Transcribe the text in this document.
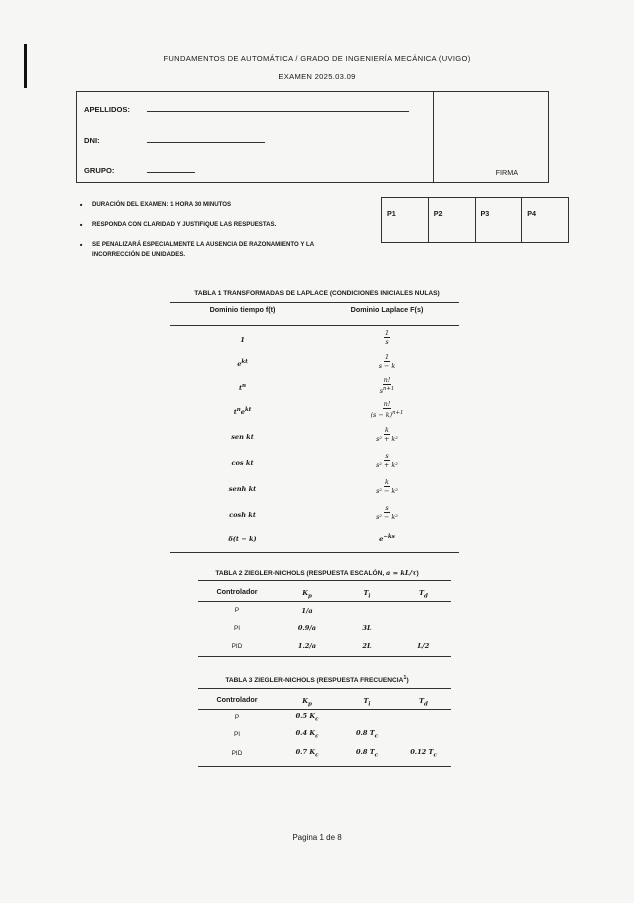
FUNDAMENTOS DE AUTOMÁTICA / GRADO DE INGENIERÍA MECÁNICA (UVIGO)
EXAMEN 2025.03.09
APELLIDOS:
DNI:
GRUPO:	FIRMA
P1	P2	P3	P4
■ DURACIÓN DEL EXAMEN: 1 HORA 30 MINUTOS
■ RESPONDA CON CLARIDAD Y JUSTIFIQUE LAS RESPUESTAS.
■ SE PENALIZARÁ ESPECIALMENTE LA AUSENCIA DE RAZONAMIENTO Y LA INCORRECCIÓN DE UNIDADES.
TABLA 1 TRANSFORMADAS DE LAPLACE (CONDICIONES INICIALES NULAS)
Dominio tiempo f(t)	Dominio Laplace F(s)
1	$\frac{1}{s}$

$e^{kt}$	$\frac{1}{s - k}$

$t^n$	$\frac{n!}{s^{n+1}}$

$t^ne^{kt}$	$\frac{n!}{(s - k)^{n+1}}$

sen kt	$\frac{k}{\text{s² + k²}}$

cos kt	$\frac{s}{\text{s² + k²}}$

senh kt	$\frac{k}{\text{s² − k²}}$

cosh kt	$\frac{s}{\text{s² − k²}}$

δ(t − k)	$e^{-ks}$
TABLA 2 ZIEGLER-NICHOLS (RESPUESTA ESCALÓN, a = kL/τ)
Controlador	$K_p$	$T_i$	$T_d$
P	1/a		
PI	0.9/a	3L	
PID	1.2/a	2L	L/2
TABLA 3 ZIEGLER-NICHOLS (RESPUESTA FRECUENCIA$^1$)
Controlador	$K_p$	$T_i$	$T_d$
P	0.5 $K_c$		
PI	0.4 $K_c$	0.8 $T_c$	
PID	0.7 $K_c$	0.8 $T_c$	0.12 $T_c$
Pagina 1 de 8
